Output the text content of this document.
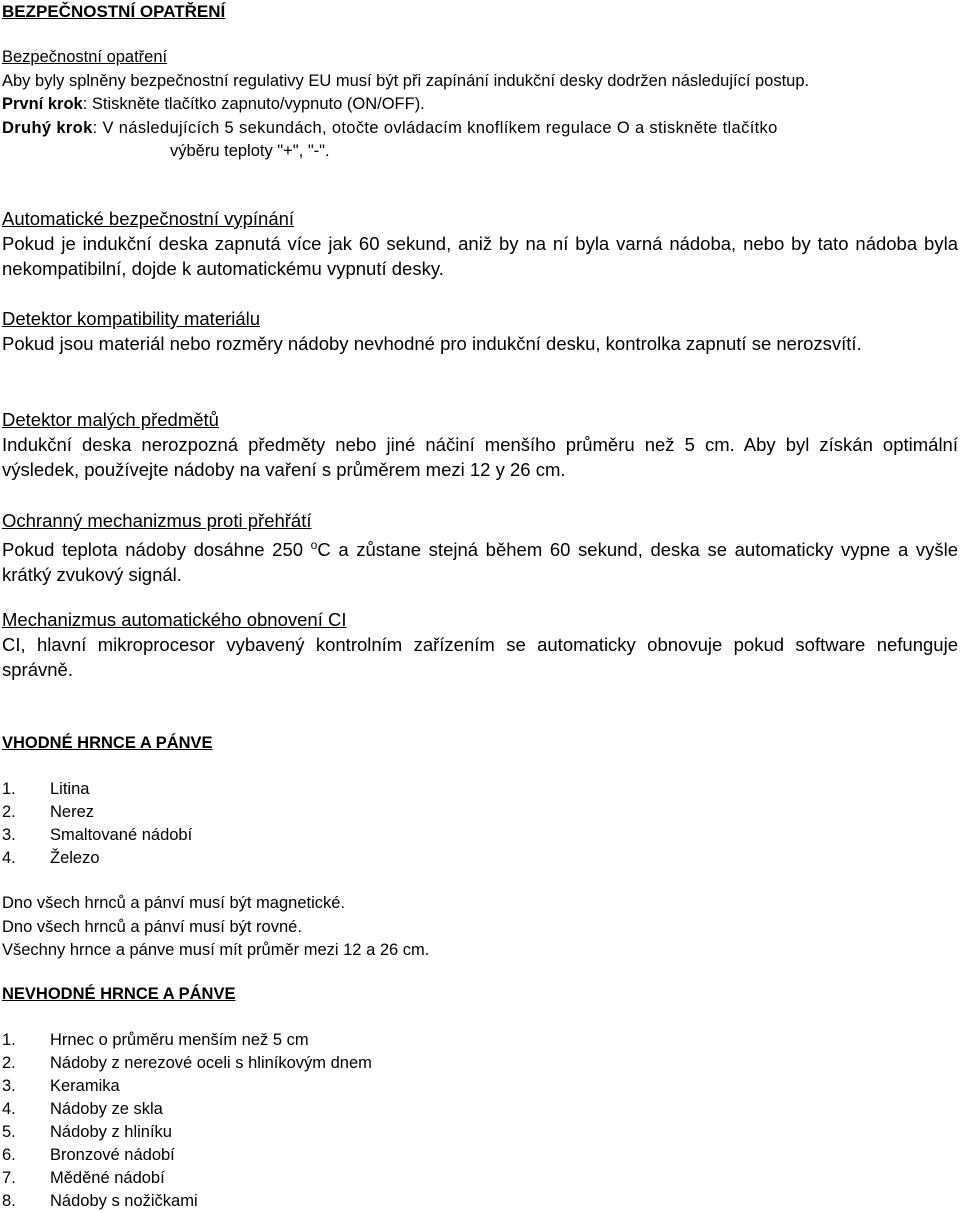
BEZPEČNOSTNÍ OPATŘENÍ
Bezpečnostní opatření
Aby byly splněny bezpečnostní regulativy EU musí být při zapínání indukční desky dodržen následující postup.
První krok: Stiskněte tlačítko zapnuto/vypnuto (ON/OFF).
Druhý krok: V následujících 5 sekundách, otočte ovládacím knoflíkem regulace O a stiskněte tlačítko
výběru teploty "+", "-".
Automatické bezpečnostní vypínání
Pokud je indukční deska zapnutá více jak 60 sekund, aniž by na ní byla varná nádoba, nebo by tato nádoba byla nekompatibilní, dojde k automatickému vypnutí desky.
Detektor kompatibility materiálu
Pokud jsou materiál nebo rozměry nádoby nevhodné pro indukční desku, kontrolka zapnutí se nerozsvítí.
Detektor malých předmětů
Indukční deska nerozpozná předměty nebo jiné náčiní menšího průměru než 5 cm. Aby byl získán optimální výsledek, používejte nádoby na vaření s průměrem mezi 12 y 26 cm.
Ochranný mechanizmus proti přehřátí
Pokud teplota nádoby dosáhne 250 $^o$C a zůstane stejná během 60 sekund, deska se automaticky vypne a vyšle krátký zvukový signál.
Mechanizmus automatického obnovení CI
CI, hlavní mikroprocesor vybavený kontrolním zařízením se automaticky obnovuje pokud software nefunguje správně.
VHODNÉ HRNCE A PÁNVE
1.	Litina
2.	Nerez
3.	Smaltované nádobí
4.	Železo
Dno všech hrnců a pánví musí být magnetické.
Dno všech hrnců a pánví musí být rovné.
Všechny hrnce a pánve musí mít průměr mezi 12 a 26 cm.
NEVHODNÉ HRNCE A PÁNVE
1.	Hrnec o průměru menším než 5 cm
2.	Nádoby z nerezové oceli s hliníkovým dnem
3.	Keramika
4.	Nádoby ze skla
5.	Nádoby z hliníku
6.	Bronzové nádobí
7.	Měděné nádobí
8.	Nádoby s nožičkami
